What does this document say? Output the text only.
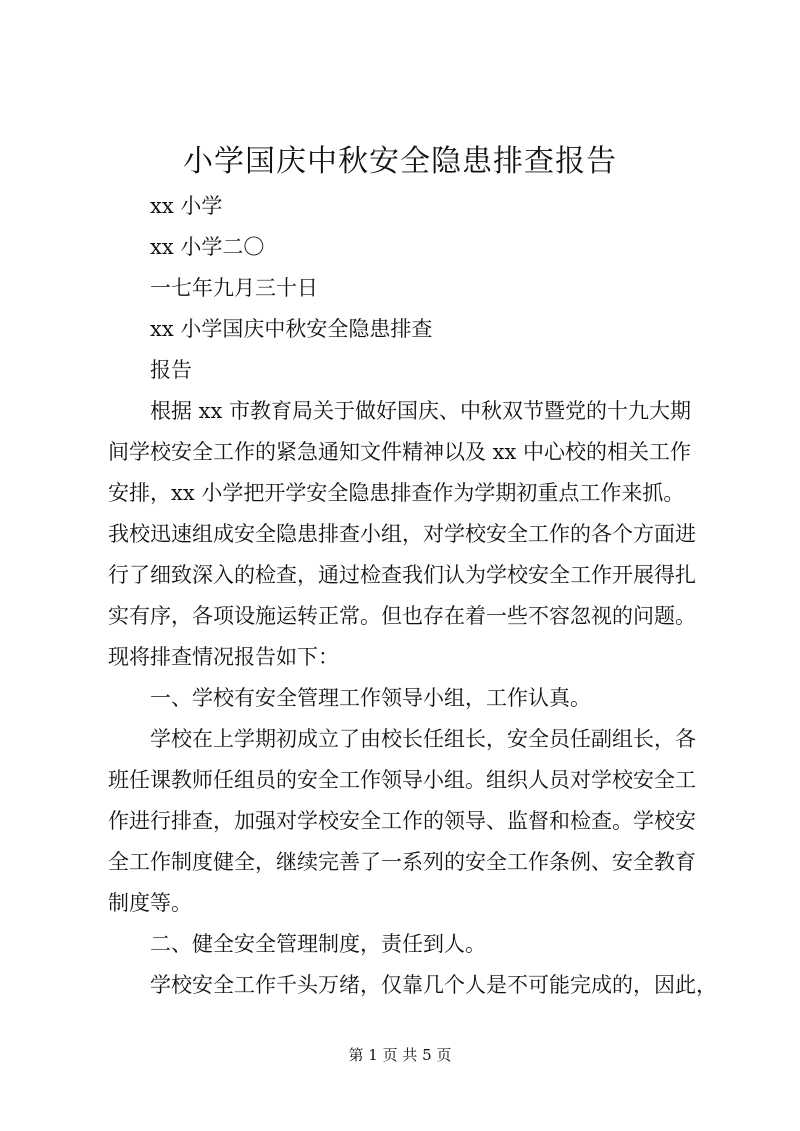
小学国庆中秋安全隐患排查报告

xx 小学

xx 小学二〇

一七年九月三十日

xx 小学国庆中秋安全隐患排查

报告

根据 xx 市教育局关于做好国庆、中秋双节暨党的十九大期

间学校安全工作的紧急通知文件精神以及 xx 中心校的相关工作

安排，xx 小学把开学安全隐患排查作为学期初重点工作来抓。

我校迅速组成安全隐患排查小组，对学校安全工作的各个方面进

行了细致深入的检查，通过检查我们认为学校安全工作开展得扎

实有序，各项设施运转正常。但也存在着一些不容忽视的问题。

现将排查情况报告如下：

一、学校有安全管理工作领导小组，工作认真。

学校在上学期初成立了由校长任组长，安全员任副组长，各

班任课教师任组员的安全工作领导小组。组织人员对学校安全工

作进行排查，加强对学校安全工作的领导、监督和检查。学校安

全工作制度健全，继续完善了一系列的安全工作条例、安全教育

制度等。

二、健全安全管理制度，责任到人。

学校安全工作千头万绪，仅靠几个人是不可能完成的，因此，

第 1 页 共 5 页
